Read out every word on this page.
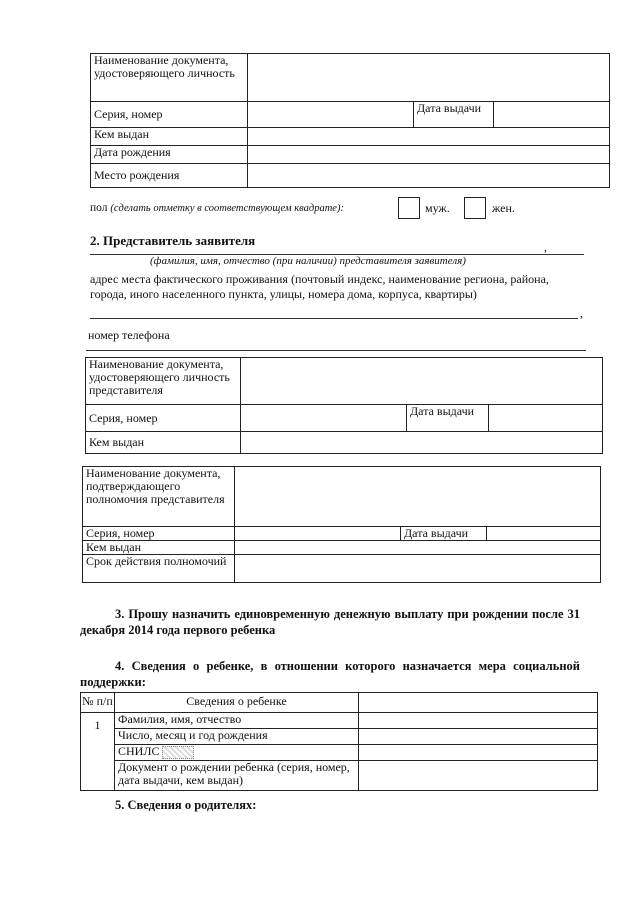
Наименование документа, удостоверяющего личность			
Серия, номер		Дата выдачи	
Кем выдан			
Дата рождения			
Место рождения			
пол (сделать отметку в соответствующем квадрате):	муж.	жен.
2. Представитель заявителя	,
(фамилия, имя, отчество (при наличии) представителя заявителя)
адрес места фактического проживания (почтовый индекс, наименование региона, района, города, иного населенного пункта, улицы, номера дома, корпуса, квартиры)
,
номер телефона
Наименование документа, удостоверяющего личность представителя			
Серия, номер		Дата выдачи	
Кем выдан			
Наименование документа, подтверждающего полномочия представителя			
Серия, номер		Дата выдачи	
Кем выдан			
Срок действия полномочий			
3. Прошу назначить единовременную денежную выплату при рождении после 31 декабря 2014 года первого ребенка
4. Сведения о ребенке, в отношении которого назначается мера социальной поддержки:
№ п/п	Сведения о ребенке	
1	Фамилия, имя, отчество	
	Число, месяц и год рождения	
	СНИЛС	
	Документ о рождении ребенка (серия, номер, дата выдачи, кем выдан)	
5. Сведения о родителях:
